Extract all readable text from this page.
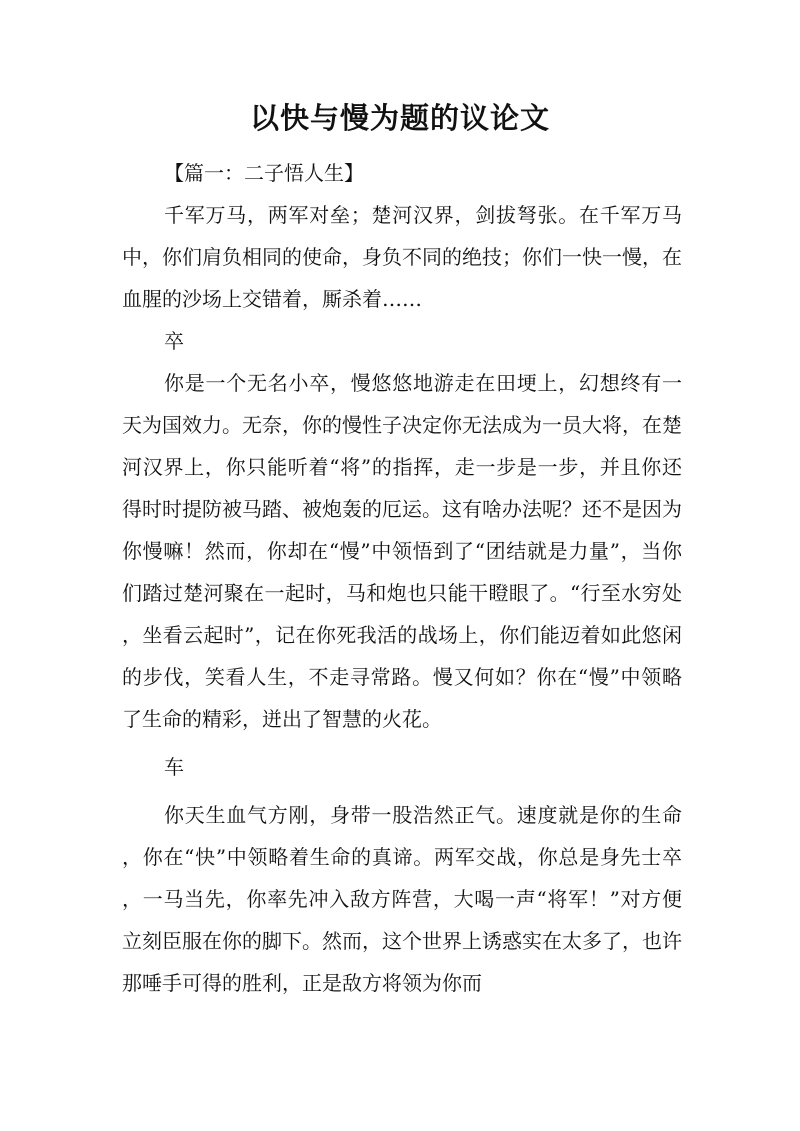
以快与慢为题的议论文

【篇一：二子悟人生】

千军万马，两军对垒；楚河汉界，剑拔弩张。在千军万马中，你们肩负相同的使命，身负不同的绝技；你们一快一慢，在血腥的沙场上交错着，厮杀着……

卒

你是一个无名小卒，慢悠悠地游走在田埂上，幻想终有一天为国效力。无奈，你的慢性子决定你无法成为一员大将，在楚河汉界上，你只能听着“将”的指挥，走一步是一步，并且你还得时时提防被马踏、被炮轰的厄运。这有啥办法呢？还不是因为你慢嘛！然而，你却在“慢”中领悟到了“团结就是力量”，当你们踏过楚河聚在一起时，马和炮也只能干瞪眼了。“行至水穷处，坐看云起时”，记在你死我活的战场上，你们能迈着如此悠闲的步伐，笑看人生，不走寻常路。慢又何如？你在“慢”中领略了生命的精彩，迸出了智慧的火花。

车

你天生血气方刚，身带一股浩然正气。速度就是你的生命，你在“快”中领略着生命的真谛。两军交战，你总是身先士卒，一马当先，你率先冲入敌方阵营，大喝一声“将军！”对方便立刻臣服在你的脚下。然而，这个世界上诱惑实在太多了，也许那唾手可得的胜利，正是敌方将领为你而
